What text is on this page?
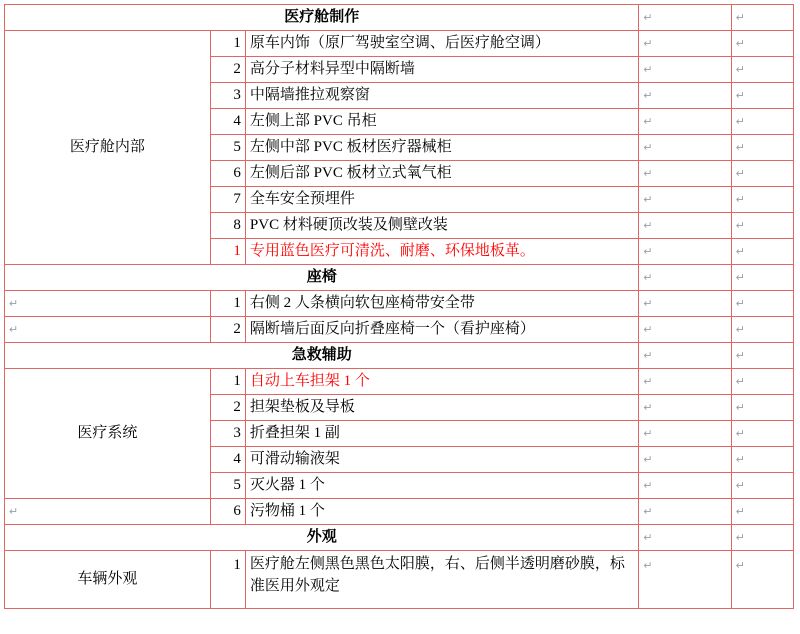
医疗舱制作			↵	↵
医疗舱内部	1	原车内饰（原厂驾驶室空调、后医疗舱空调）	↵	↵
	2	高分子材料异型中隔断墙	↵	↵
	3	中隔墙推拉观察窗	↵	↵
	4	左侧上部 PVC 吊柜	↵	↵
	5	左侧中部 PVC 板材医疗器械柜	↵	↵
	6	左侧后部 PVC 板材立式氧气柜	↵	↵
	7	全车安全预埋件	↵	↵
	8	PVC 材料硬顶改装及侧壁改装	↵	↵
	1	专用蓝色医疗可清洗、耐磨、环保地板革。	↵	↵
座椅			↵	↵
↵	1	右侧 2 人条横向软包座椅带安全带	↵	↵
↵	2	隔断墙后面反向折叠座椅一个（看护座椅）	↵	↵
急救辅助			↵	↵
医疗系统	1	自动上车担架 1 个	↵	↵
	2	担架垫板及导板	↵	↵
	3	折叠担架 1 副	↵	↵
	4	可滑动输液架	↵	↵
	5	灭火器 1 个	↵	↵
↵	6	污物桶 1 个	↵	↵
外观			↵	↵
车辆外观	1	医疗舱左侧黑色黑色太阳膜，右、后侧半透明磨砂膜，标准医用外观定	↵	↵
